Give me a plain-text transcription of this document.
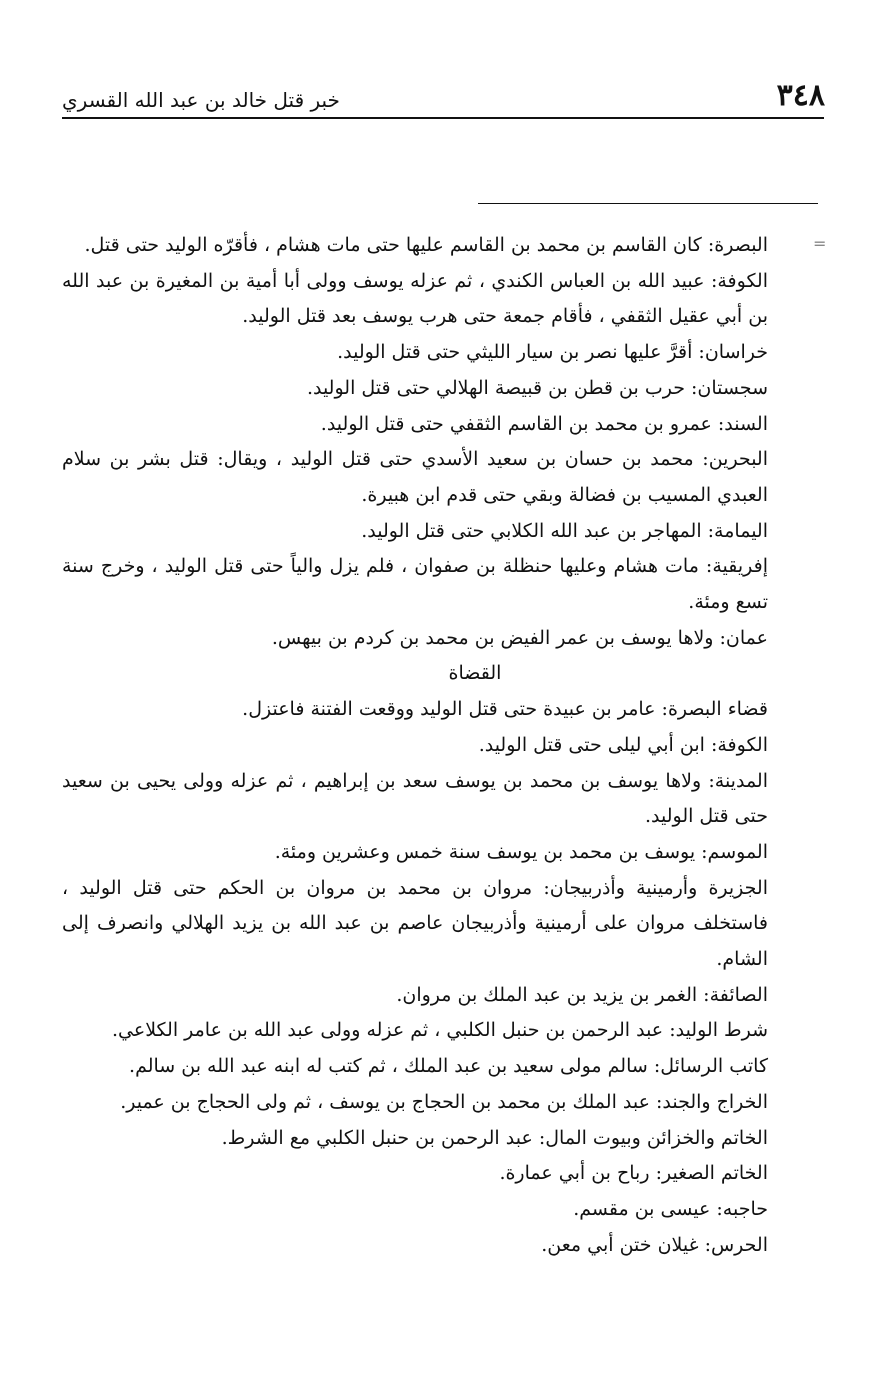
٣٤٨
خبر قتل خالد بن عبد الله القسري
=

البصرة: كان القاسم بن محمد بن القاسم عليها حتى مات هشام ، فأقرّه الوليد حتى قتل.

الكوفة: عبيد الله بن العباس الكندي ، ثم عزله يوسف وولى أبا أمية بن المغيرة بن عبد الله بن أبي عقيل الثقفي ، فأقام جمعة حتى هرب يوسف بعد قتل الوليد.

خراسان: أقرَّ عليها نصر بن سيار الليثي حتى قتل الوليد.

سجستان: حرب بن قطن بن قبيصة الهلالي حتى قتل الوليد.

السند: عمرو بن محمد بن القاسم الثقفي حتى قتل الوليد.

البحرين: محمد بن حسان بن سعيد الأسدي حتى قتل الوليد ، ويقال: قتل بشر بن سلام العبدي المسيب بن فضالة وبقي حتى قدم ابن هبيرة.

اليمامة: المهاجر بن عبد الله الكلابي حتى قتل الوليد.

إفريقية: مات هشام وعليها حنظلة بن صفوان ، فلم يزل والياً حتى قتل الوليد ، وخرج سنة تسع ومئة.

عمان: ولاها يوسف بن عمر الفيض بن محمد بن كردم بن بيهس.

القضاة

قضاء البصرة: عامر بن عبيدة حتى قتل الوليد ووقعت الفتنة فاعتزل.

الكوفة: ابن أبي ليلى حتى قتل الوليد.

المدينة: ولاها يوسف بن محمد بن يوسف سعد بن إبراهيم ، ثم عزله وولى يحيى بن سعيد حتى قتل الوليد.

الموسم: يوسف بن محمد بن يوسف سنة خمس وعشرين ومئة.

الجزيرة وأرمينية وأذربيجان: مروان بن محمد بن مروان بن الحكم حتى قتل الوليد ، فاستخلف مروان على أرمينية وأذربيجان عاصم بن عبد الله بن يزيد الهلالي وانصرف إلى الشام.

الصائفة: الغمر بن يزيد بن عبد الملك بن مروان.

شرط الوليد: عبد الرحمن بن حنبل الكلبي ، ثم عزله وولى عبد الله بن عامر الكلاعي.

كاتب الرسائل: سالم مولى سعيد بن عبد الملك ، ثم كتب له ابنه عبد الله بن سالم.

الخراج والجند: عبد الملك بن محمد بن الحجاج بن يوسف ، ثم ولى الحجاج بن عمير.

الخاتم والخزائن وبيوت المال: عبد الرحمن بن حنبل الكلبي مع الشرط.

الخاتم الصغير: رباح بن أبي عمارة.

حاجبه: عيسى بن مقسم.

الحرس: غيلان ختن أبي معن.
